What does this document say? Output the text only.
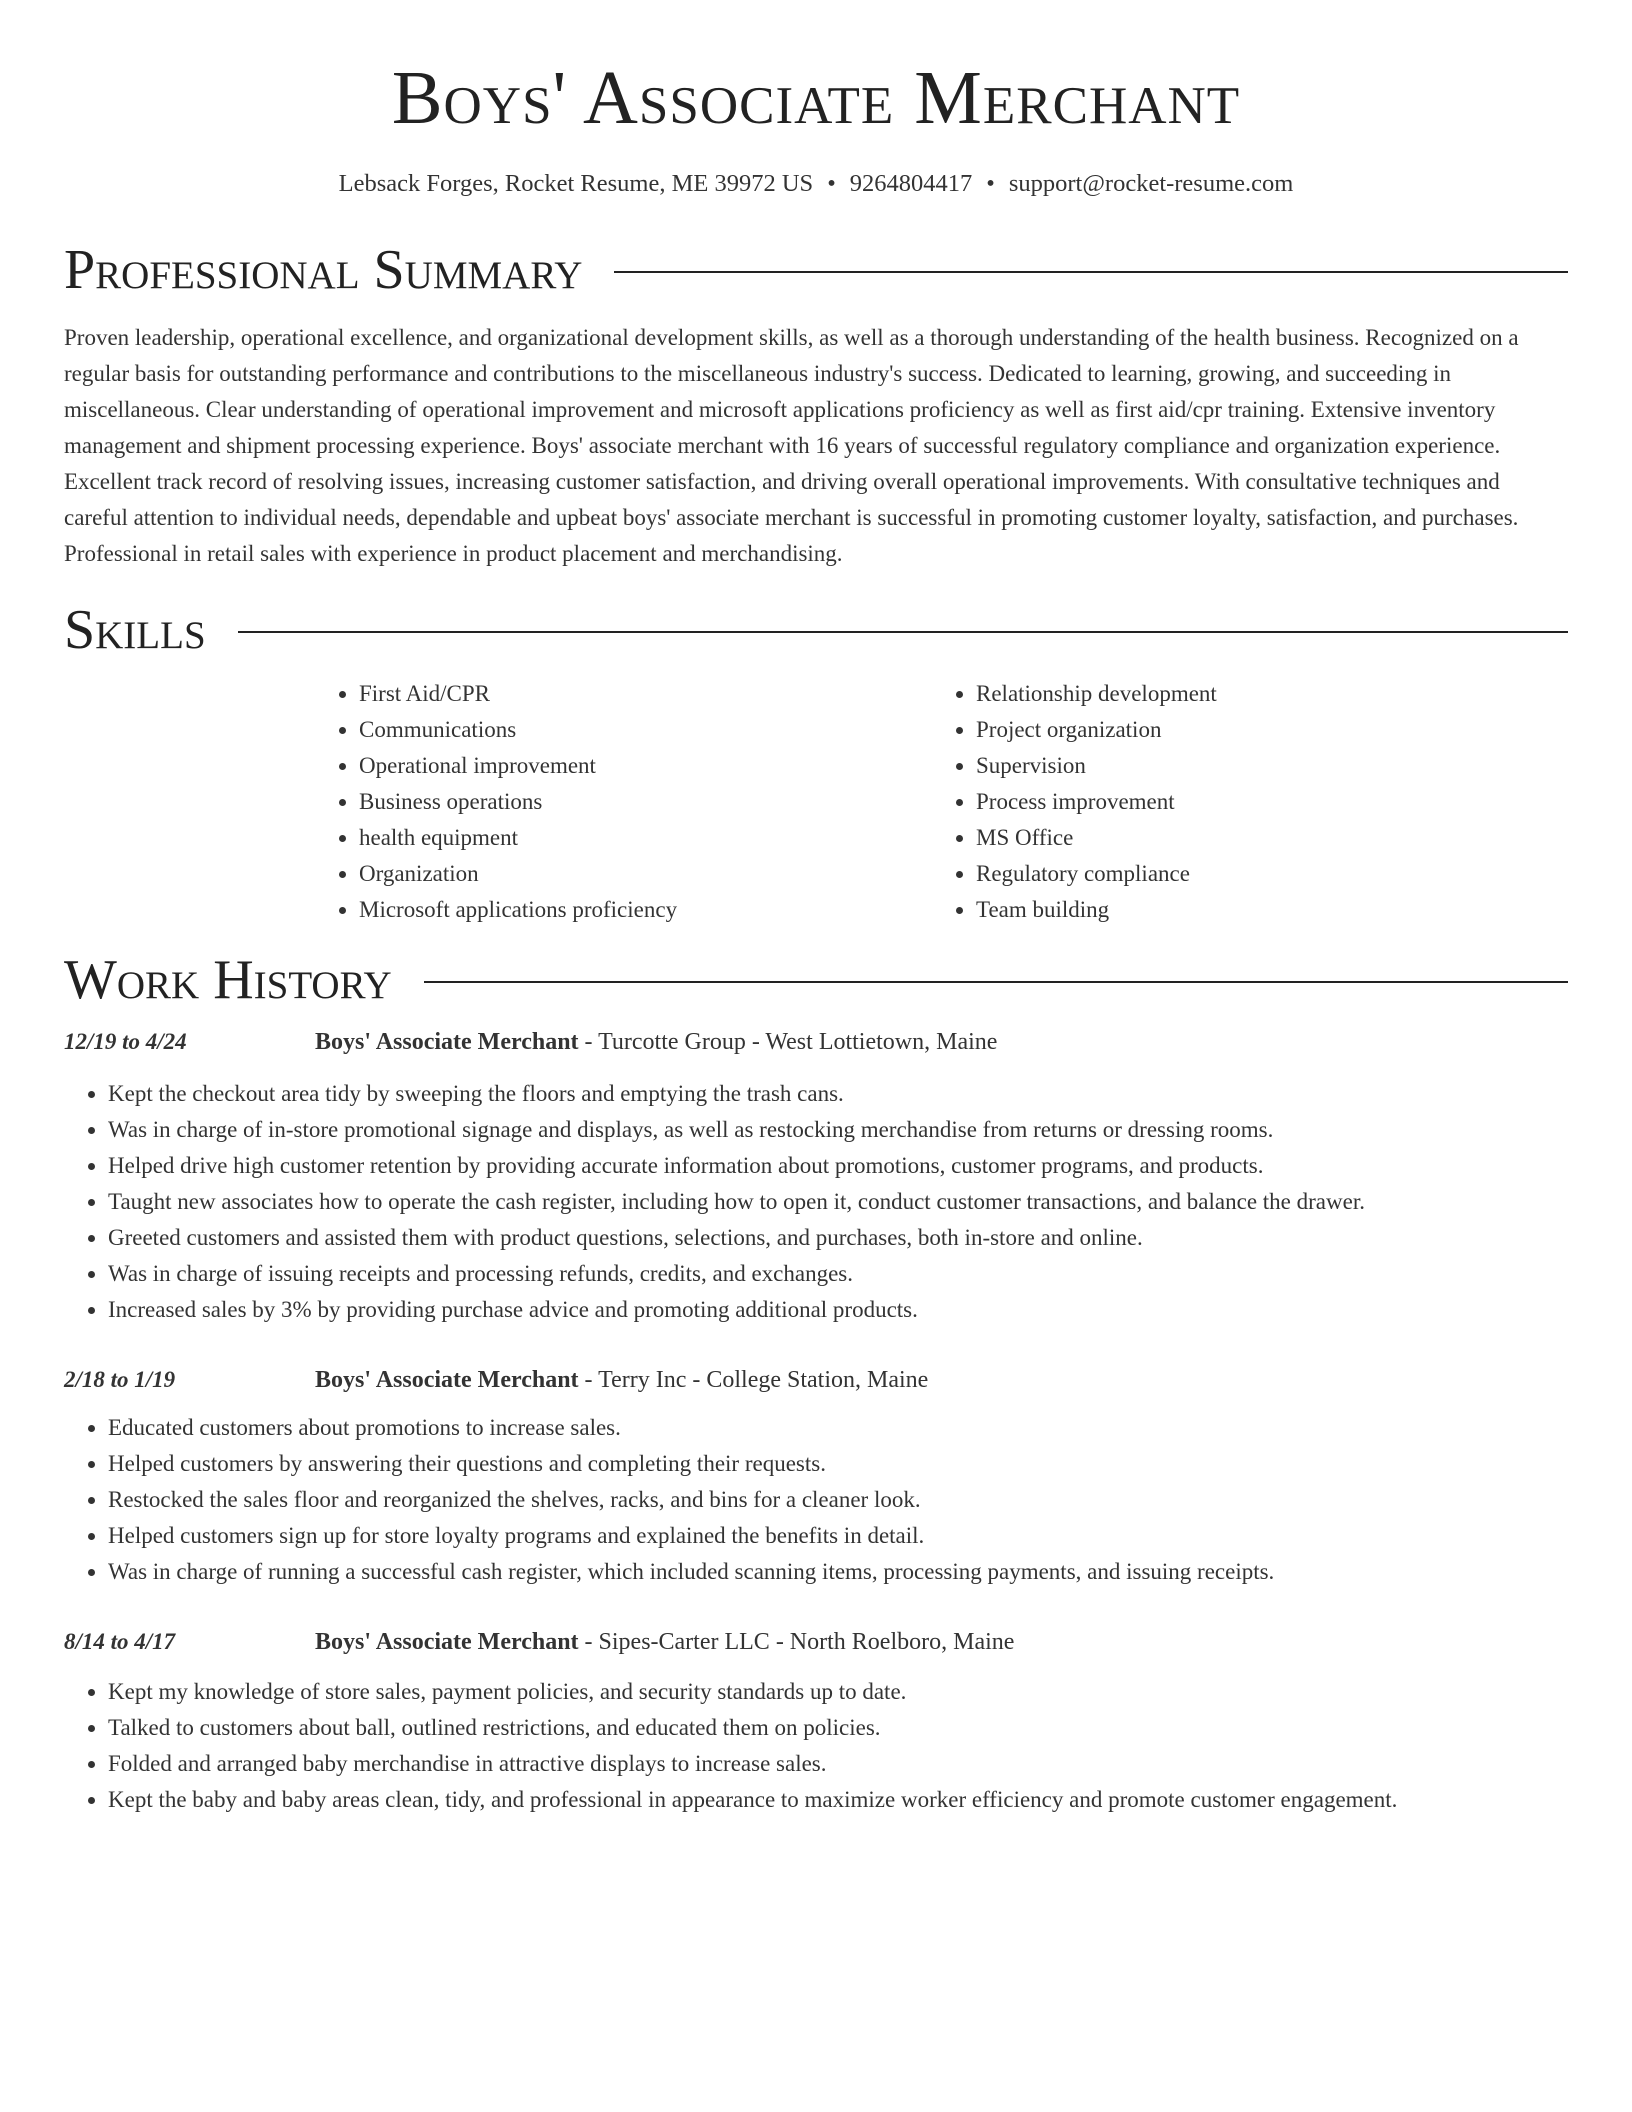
Boys' Associate Merchant
Lebsack Forges, Rocket Resume, ME 39972 US • 9264804417 • support@rocket-resume.com
Professional Summary

Proven leadership, operational excellence, and organizational development skills, as well as a thorough understanding of the health business. Recognized on a regular basis for outstanding performance and contributions to the miscellaneous industry's success. Dedicated to learning, growing, and succeeding in miscellaneous. Clear understanding of operational improvement and microsoft applications proficiency as well as first aid/cpr training. Extensive inventory management and shipment processing experience. Boys' associate merchant with 16 years of successful regulatory compliance and organization experience. Excellent track record of resolving issues, increasing customer satisfaction, and driving overall operational improvements. With consultative techniques and careful attention to individual needs, dependable and upbeat boys' associate merchant is successful in promoting customer loyalty, satisfaction, and purchases. Professional in retail sales with experience in product placement and merchandising.

Skills
• First Aid/CPR
• Communications
• Operational improvement
• Business operations
• health equipment
• Organization
• Microsoft applications proficiency
• Relationship development
• Project organization
• Supervision
• Process improvement
• MS Office
• Regulatory compliance
• Team building
Work History
12/19 to 4/24	Boys' Associate Merchant - Turcotte Group - West Lottietown, Maine
• Kept the checkout area tidy by sweeping the floors and emptying the trash cans.
• Was in charge of in-store promotional signage and displays, as well as restocking merchandise from returns or dressing rooms.
• Helped drive high customer retention by providing accurate information about promotions, customer programs, and products.
• Taught new associates how to operate the cash register, including how to open it, conduct customer transactions, and balance the drawer.
• Greeted customers and assisted them with product questions, selections, and purchases, both in-store and online.
• Was in charge of issuing receipts and processing refunds, credits, and exchanges.
• Increased sales by 3% by providing purchase advice and promoting additional products.
2/18 to 1/19	Boys' Associate Merchant - Terry Inc - College Station, Maine
• Educated customers about promotions to increase sales.
• Helped customers by answering their questions and completing their requests.
• Restocked the sales floor and reorganized the shelves, racks, and bins for a cleaner look.
• Helped customers sign up for store loyalty programs and explained the benefits in detail.
• Was in charge of running a successful cash register, which included scanning items, processing payments, and issuing receipts.
8/14 to 4/17	Boys' Associate Merchant - Sipes-Carter LLC - North Roelboro, Maine
• Kept my knowledge of store sales, payment policies, and security standards up to date.
• Talked to customers about ball, outlined restrictions, and educated them on policies.
• Folded and arranged baby merchandise in attractive displays to increase sales.
• Kept the baby and baby areas clean, tidy, and professional in appearance to maximize worker efficiency and promote customer engagement.
